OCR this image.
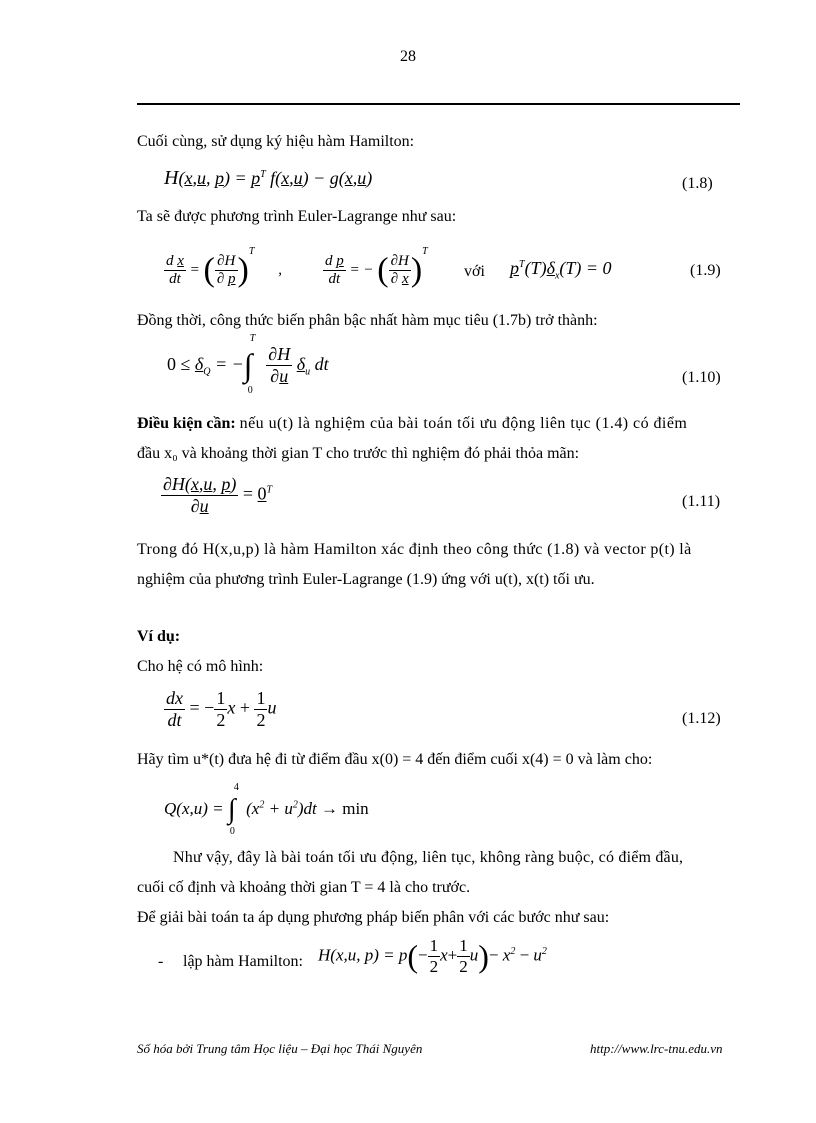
28
Cuối cùng, sử dụng ký hiệu hàm Hamilton:
H(x,u, $p) = p^T$ f(x,u) − g(x,u)	(1.8)
Ta sẽ được phương trình Euler-Lagrange như sau:
$\frac{\text{d x}}{dt}$ = ( $\frac{\partial H}{\partial p} )^T$ ,	$\frac{\text{d p}}{dt}$ = − ( $\frac{\partial H}{\partial x} )^T$
với $p^T(T)\delta_x(T) = 0$	(1.9)
Đồng thời, công thức biến phân bậc nhất hàm mục tiêu (1.7b) trở thành:
$0 \le \delta_Q$ = −∫
T
0

$\frac{\partial H}{\partial u} \delta_u$ dt
(1.10)
Điều kiện cần: nếu u(t) là nghiệm của bài toán tối ưu động liên tục (1.4) có điểm
đầu x₀ và khoảng thời gian T cho trước thì nghiệm đó phải thỏa mãn:
$\frac{\partial H(x,u, p)}{\partial u} = 0^T$
(1.11)
Trong đó H(x,u,p) là hàm Hamilton xác định theo công thức (1.8) và vector p(t) là
nghiệm của phương trình Euler-Lagrange (1.9) ứng với u(t), x(t) tối ưu.
Ví dụ:
Cho hệ có mô hình:
$\frac{dx}{dt}$ = − $\frac{1}{2}$ $x + \frac{1}{2}$ u
(1.12)
Hãy tìm u*(t) đưa hệ đi từ điểm đầu x(0) = 4 đến điểm cuối x(4) = 0 và làm cho:
Q(x,u) = ∫
4
0
$(x^2 + u^2)dt \to \min$
Như vậy, đây là bài toán tối ưu động, liên tục, không ràng buộc, có điểm đầu,
cuối cố định và khoảng thời gian T = 4 là cho trước.
Để giải bài toán ta áp dụng phương pháp biến phân với các bước như sau:
- lập hàm Hamilton: H(x,u, $p) = p(- \frac{1}{2} x+ \frac{1}{2} u)- x^2 - u^2$
Số hóa bởi Trung tâm Học liệu – Đại học Thái Nguyên	http://www.lrc-tnu.edu.vn
